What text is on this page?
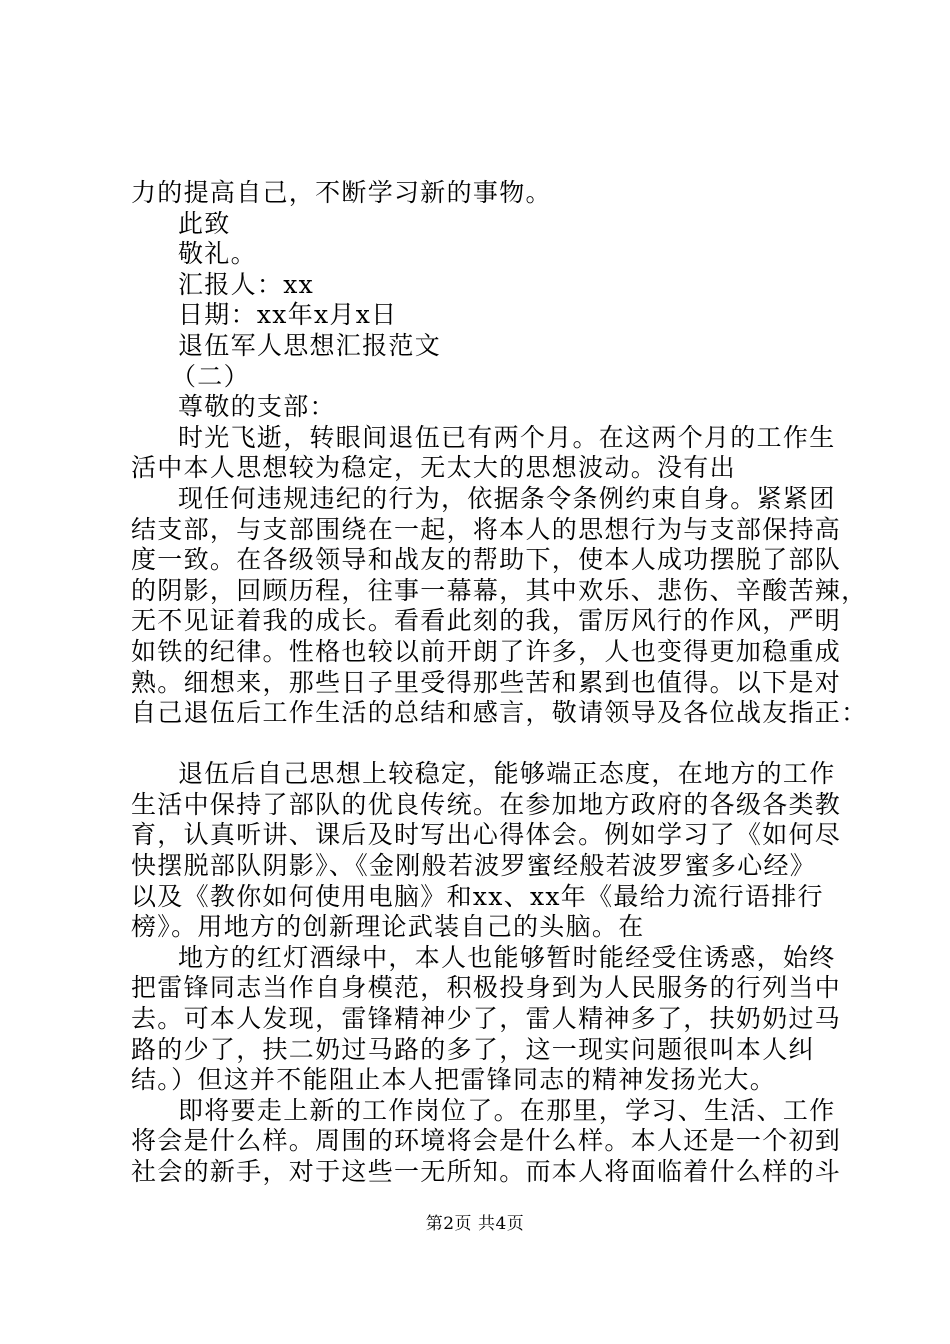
力的提高自己，不断学习新的事物。
此致
敬礼。
汇报人：xx
日期：xx年x月x日
退伍军人思想汇报范文
（二）
尊敬的支部：
时光飞逝，转眼间退伍已有两个月。在这两个月的工作生
活中本人思想较为稳定，无太大的思想波动。没有出
现任何违规违纪的行为，依据条令条例约束自身。紧紧团
结支部，与支部围绕在一起，将本人的思想行为与支部保持高
度一致。在各级领导和战友的帮助下，使本人成功摆脱了部队
的阴影，回顾历程，往事一幕幕，其中欢乐、悲伤、辛酸苦辣，
无不见证着我的成长。看看此刻的我，雷厉风行的作风，严明
如铁的纪律。性格也较以前开朗了许多，人也变得更加稳重成
熟。细想来，那些日子里受得那些苦和累到也值得。以下是对
自己退伍后工作生活的总结和感言，敬请领导及各位战友指正：
退伍后自己思想上较稳定，能够端正态度，在地方的工作
生活中保持了部队的优良传统。在参加地方政府的各级各类教
育，认真听讲、课后及时写出心得体会。例如学习了《如何尽
快摆脱部队阴影》、《金刚般若波罗蜜经般若波罗蜜多心经》
以及《教你如何使用电脑》和xx、xx年《最给力流行语排行
榜》。用地方的创新理论武装自己的头脑。在
地方的红灯酒绿中，本人也能够暂时能经受住诱惑，始终
把雷锋同志当作自身模范，积极投身到为人民服务的行列当中
去。可本人发现，雷锋精神少了，雷人精神多了，扶奶奶过马
路的少了，扶二奶过马路的多了，这一现实问题很叫本人纠
结。）但这并不能阻止本人把雷锋同志的精神发扬光大。
即将要走上新的工作岗位了。在那里，学习、生活、工作
将会是什么样。周围的环境将会是什么样。本人还是一个初到
社会的新手，对于这些一无所知。而本人将面临着什么样的斗
第2页 共4页
